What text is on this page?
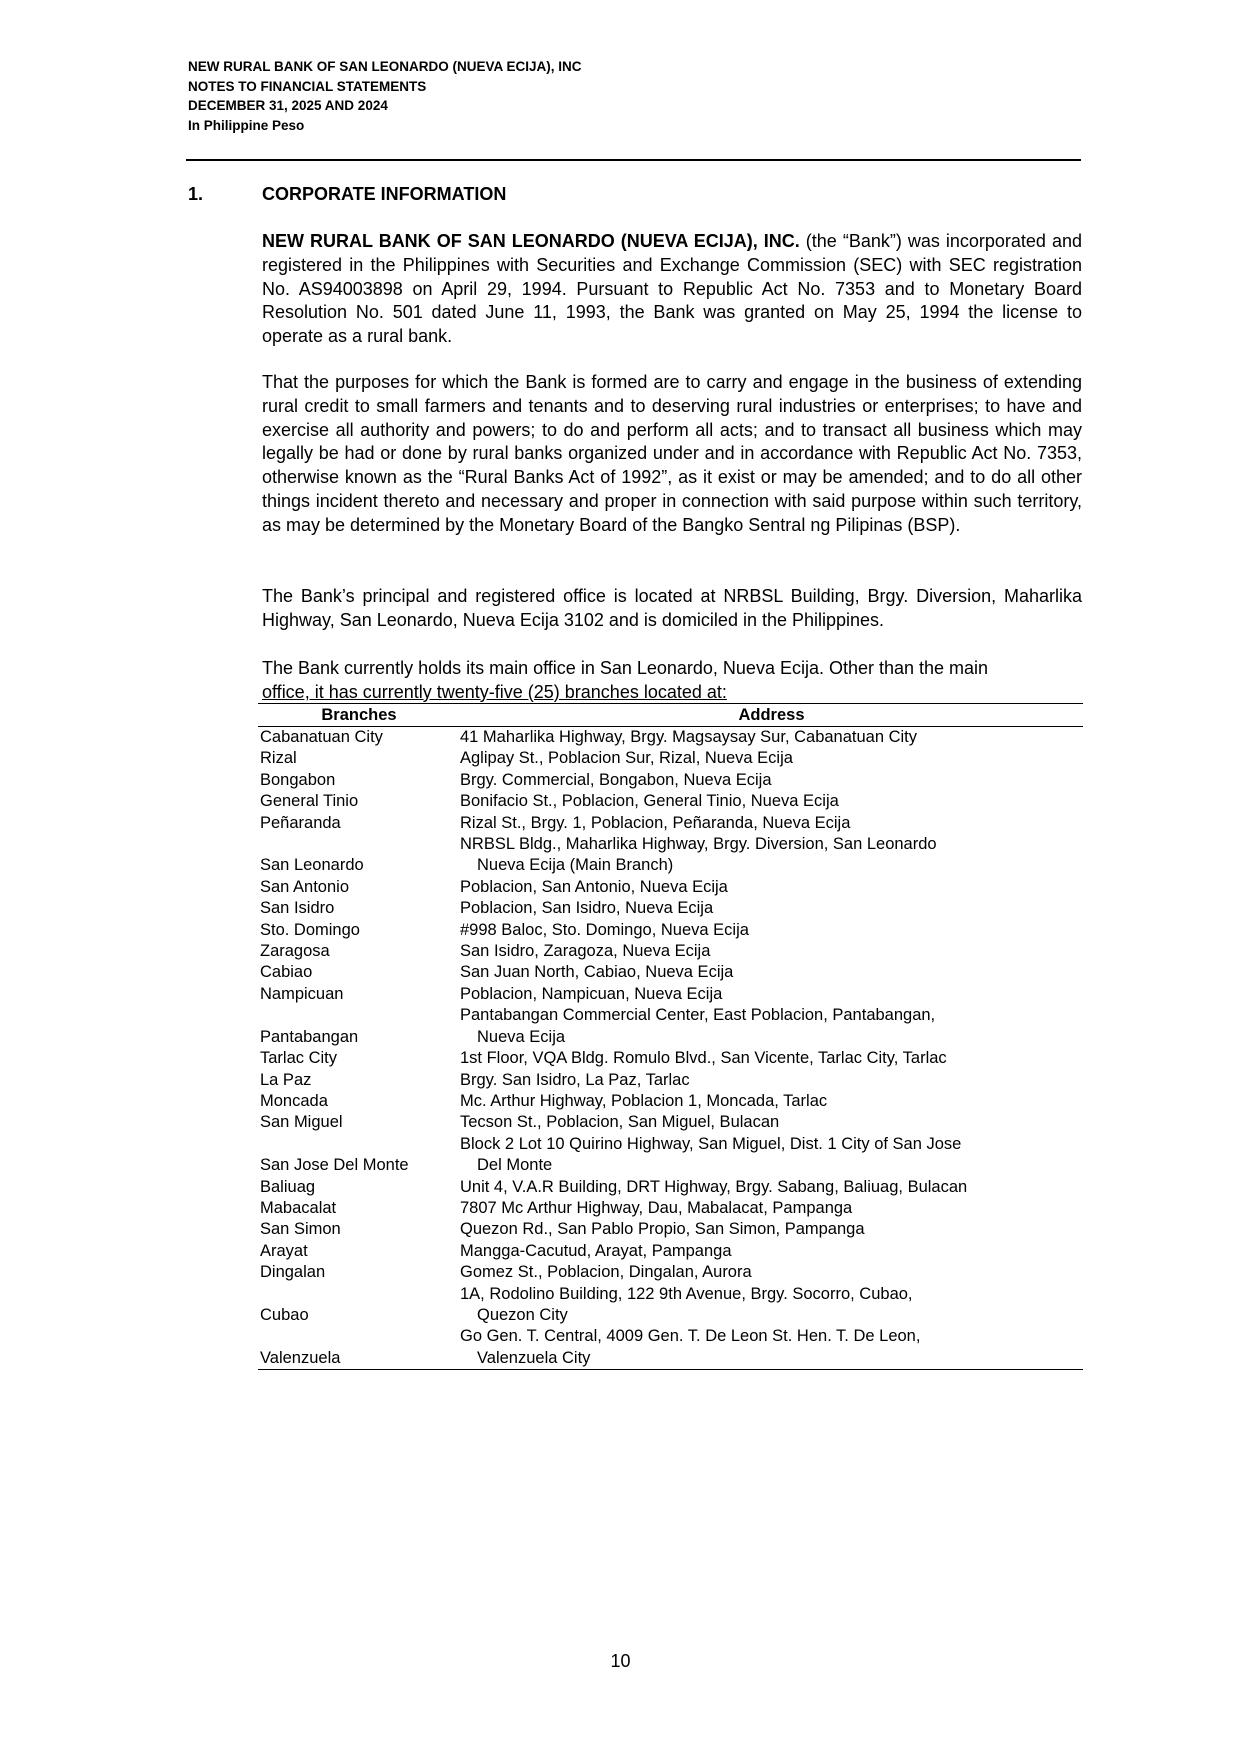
NEW RURAL BANK OF SAN LEONARDO (NUEVA ECIJA), INC
NOTES TO FINANCIAL STATEMENTS
DECEMBER 31, 2025 AND 2024
In Philippine Peso
1.	CORPORATE INFORMATION
NEW RURAL BANK OF SAN LEONARDO (NUEVA ECIJA), INC. (the “Bank”) was incorporated and registered in the Philippines with Securities and Exchange Commission (SEC) with SEC registration No. AS94003898 on April 29, 1994. Pursuant to Republic Act No. 7353 and to Monetary Board Resolution No. 501 dated June 11, 1993, the Bank was granted on May 25, 1994 the license to operate as a rural bank.
That the purposes for which the Bank is formed are to carry and engage in the business of extending rural credit to small farmers and tenants and to deserving rural industries or enterprises; to have and exercise all authority and powers; to do and perform all acts; and to transact all business which may legally be had or done by rural banks organized under and in accordance with Republic Act No. 7353, otherwise known as the “Rural Banks Act of 1992”, as it exist or may be amended; and to do all other things incident thereto and necessary and proper in connection with said purpose within such territory, as may be determined by the Monetary Board of the Bangko Sentral ng Pilipinas (BSP).
The Bank’s principal and registered office is located at NRBSL Building, Brgy. Diversion, Maharlika Highway, San Leonardo, Nueva Ecija 3102 and is domiciled in the Philippines.
The Bank currently holds its main office in San Leonardo, Nueva Ecija. Other than the main
office, it has currently twenty-five (25) branches located at:
Branches	Address
Cabanatuan City	41 Maharlika Highway, Brgy. Magsaysay Sur, Cabanatuan City
Rizal	Aglipay St., Poblacion Sur, Rizal, Nueva Ecija
Bongabon	Brgy. Commercial, Bongabon, Nueva Ecija
General Tinio	Bonifacio St., Poblacion, General Tinio, Nueva Ecija
Peñaranda	Rizal St., Brgy. 1, Poblacion, Peñaranda, Nueva Ecija
San Leonardo	NRBSL Bldg., Maharlika Highway, Brgy. Diversion, San Leonardo
Nueva Ecija (Main Branch)

San Antonio	Poblacion, San Antonio, Nueva Ecija
San Isidro	Poblacion, San Isidro, Nueva Ecija
Sto. Domingo	#998 Baloc, Sto. Domingo, Nueva Ecija
Zaragosa	San Isidro, Zaragoza, Nueva Ecija
Cabiao	San Juan North, Cabiao, Nueva Ecija
Nampicuan	Poblacion, Nampicuan, Nueva Ecija
Pantabangan	Pantabangan Commercial Center, East Poblacion, Pantabangan,
Nueva Ecija

Tarlac City	1st Floor, VQA Bldg. Romulo Blvd., San Vicente, Tarlac City, Tarlac
La Paz	Brgy. San Isidro, La Paz, Tarlac
Moncada	Mc. Arthur Highway, Poblacion 1, Moncada, Tarlac
San Miguel	Tecson St., Poblacion, San Miguel, Bulacan
San Jose Del Monte	Block 2 Lot 10 Quirino Highway, San Miguel, Dist. 1 City of San Jose
Del Monte

Baliuag	Unit 4, V.A.R Building, DRT Highway, Brgy. Sabang, Baliuag, Bulacan
Mabacalat	7807 Mc Arthur Highway, Dau, Mabalacat, Pampanga
San Simon	Quezon Rd., San Pablo Propio, San Simon, Pampanga
Arayat	Mangga-Cacutud, Arayat, Pampanga
Dingalan	Gomez St., Poblacion, Dingalan, Aurora
Cubao	1A, Rodolino Building, 122 9th Avenue, Brgy. Socorro, Cubao,
Quezon City

Valenzuela	Go Gen. T. Central, 4009 Gen. T. De Leon St. Hen. T. De Leon,
Valenzuela City
10
